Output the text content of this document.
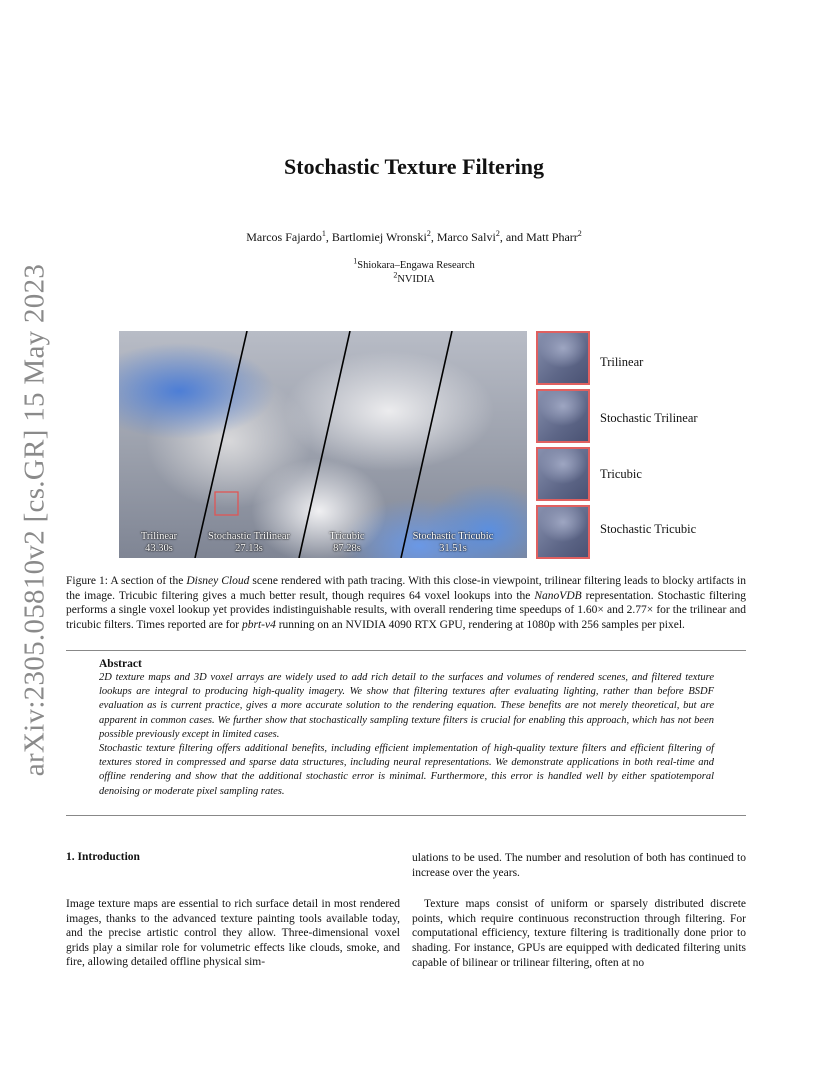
arXiv:2305.05810v2 [cs.GR] 15 May 2023
Stochastic Texture Filtering
Marcos Fajardo$^1$, Bartlomiej Wronski$^2$, Marco Salvi$^2$, and Matt Pharr$^2$
$^1$Shiokara–Engawa Research
$^2$NVIDIA
Trilinear
43.30s
Stochastic Trilinear
27.13s
Tricubic
87.28s
Stochastic Tricubic
31.51s
Trilinear
Stochastic Trilinear
Tricubic
Stochastic Tricubic
Figure 1: A section of the Disney Cloud scene rendered with path tracing. With this close-in viewpoint, trilinear filtering leads to blocky artifacts in the image. Tricubic filtering gives a much better result, though requires 64 voxel lookups into the NanoVDB representation. Stochastic filtering performs a single voxel lookup yet provides indistinguishable results, with overall rendering time speedups of 1.60× and 2.77× for the trilinear and tricubic filters. Times reported are for pbrt-v4 running on an NVIDIA 4090 RTX GPU, rendering at 1080p with 256 samples per pixel.
Abstract

2D texture maps and 3D voxel arrays are widely used to add rich detail to the surfaces and volumes of rendered scenes, and filtered texture lookups are integral to producing high-quality imagery. We show that filtering textures after evaluating lighting, rather than before BSDF evaluation as is current practice, gives a more accurate solution to the rendering equation. These benefits are not merely theoretical, but are apparent in common cases. We further show that stochastically sampling texture filters is crucial for enabling this approach, which has not been possible previously except in limited cases.

Stochastic texture filtering offers additional benefits, including efficient implementation of high-quality texture filters and efficient filtering of textures stored in compressed and sparse data structures, including neural representations. We demonstrate applications in both real-time and offline rendering and show that the additional stochastic error is minimal. Furthermore, this error is handled well by either spatiotemporal denoising or moderate pixel sampling rates.

1. Introduction

Image texture maps are essential to rich surface detail in most rendered images, thanks to the advanced texture painting tools available today, and the precise artistic control they allow. Three-dimensional voxel grids play a similar role for volumetric effects like clouds, smoke, and fire, allowing detailed offline physical sim-

ulations to be used. The number and resolution of both has continued to increase over the years.

Texture maps consist of uniform or sparsely distributed discrete points, which require continuous reconstruction through filtering. For computational efficiency, texture filtering is traditionally done prior to shading. For instance, GPUs are equipped with dedicated filtering units capable of bilinear or trilinear filtering, often at no
